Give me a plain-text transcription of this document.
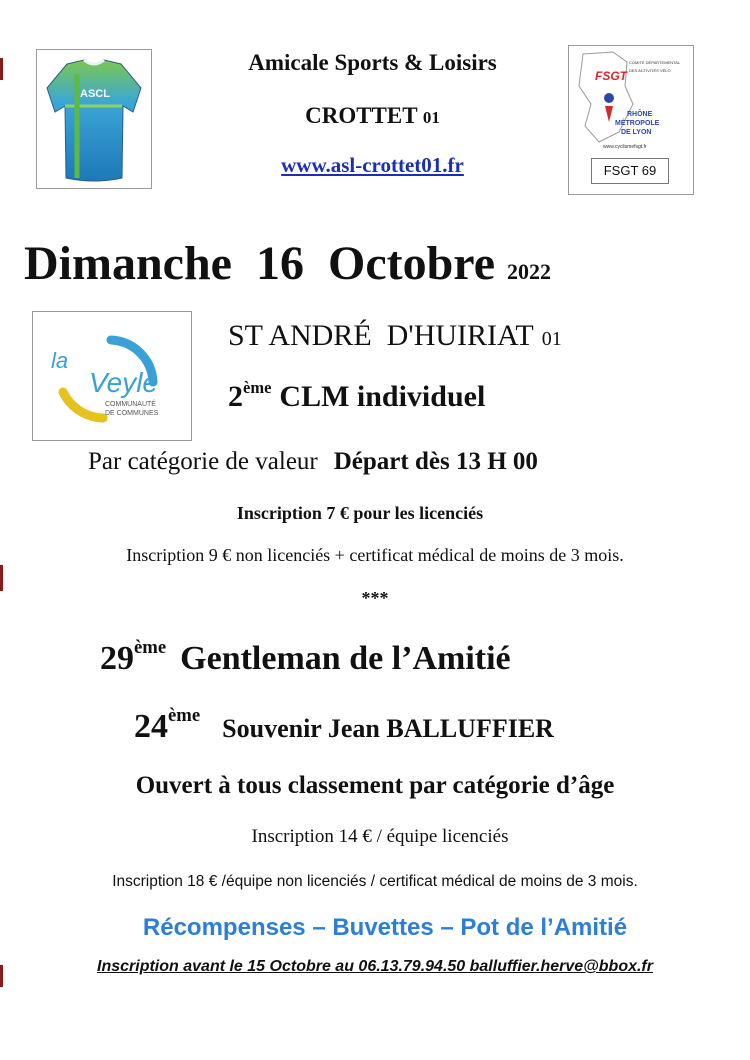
ASCL
Amicale Sports & Loisirs
CROTTET 01
www.asl-crottet01.fr
FSGT
COMITÉ DÉPARTEMENTAL
DES ACTIVITÉS VÉLO
RHÔNE
MÉTROPOLE
DE LYON
www.cyclismefsgt.fr
FSGT 69
Dimanche  16  Octobre 2022
la
Veyle
COMMUNAUTÉ
DE COMMUNES
ST ANDRÉ  D'HUIRIAT 01
2ème CLM individuel
Par catégorie de valeur Départ dès 13 H 00
Inscription 7 € pour les licenciés
Inscription 9 € non licenciés + certificat médical de moins de 3 mois.
***
29ème Gentleman de l’Amitié
24ème Souvenir Jean BALLUFFIER
Ouvert à tous classement par catégorie d’âge
Inscription 14 € / équipe licenciés
Inscription 18 € /équipe non licenciés / certificat médical de moins de 3 mois.
Récompenses – Buvettes – Pot de l’Amitié
Inscription avant le 15 Octobre au 06.13.79.94.50 balluffier.herve@bbox.fr
